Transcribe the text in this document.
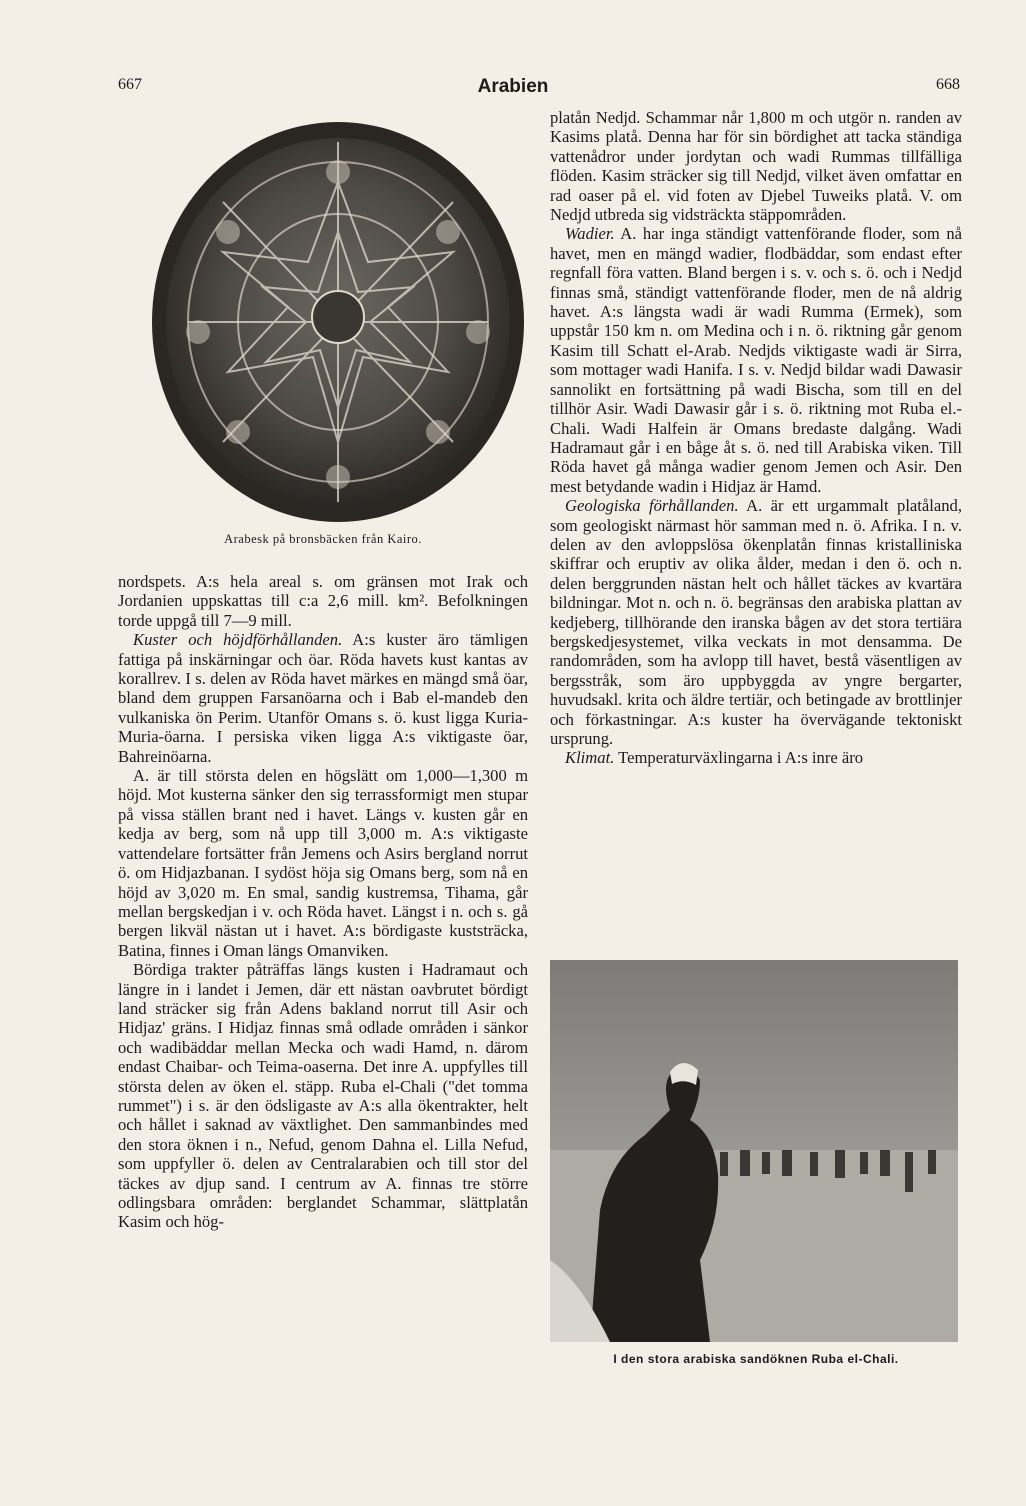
667	Arabien	668
Arabesk på bronsbäcken från Kairo.

nordspets. A:s hela areal s. om gränsen mot Irak och Jordanien uppskattas till c:a 2,6 mill. km². Befolkningen torde uppgå till 7—9 mill.

Kuster och höjdförhållanden. A:s kuster äro tämligen fattiga på inskärningar och öar. Röda havets kust kantas av korallrev. I s. delen av Röda havet märkes en mängd små öar, bland dem gruppen Farsanöarna och i Bab el-mandeb den vulkaniska ön Perim. Utanför Omans s. ö. kust ligga Kuria-Muria-öarna. I persiska viken ligga A:s viktigaste öar, Bahreinöarna.

A. är till största delen en högslätt om 1,000—1,300 m höjd. Mot kusterna sänker den sig terrassformigt men stupar på vissa ställen brant ned i havet. Längs v. kusten går en kedja av berg, som nå upp till 3,000 m. A:s viktigaste vattendelare fortsätter från Jemens och Asirs bergland norrut ö. om Hidjazbanan. I sydöst höja sig Omans berg, som nå en höjd av 3,020 m. En smal, sandig kustremsa, Tihama, går mellan bergskedjan i v. och Röda havet. Längst i n. och s. gå bergen likväl nästan ut i havet. A:s bördigaste kuststräcka, Batina, finnes i Oman längs Omanviken.

Bördiga trakter påträffas längs kusten i Hadramaut och längre in i landet i Jemen, där ett nästan oavbrutet bördigt land sträcker sig från Adens bakland norrut till Asir och Hidjaz' gräns. I Hidjaz finnas små odlade områden i sänkor och wadibäddar mellan Mecka och wadi Hamd, n. därom endast Chaibar- och Teima-oaserna. Det inre A. uppfylles till största delen av öken el. stäpp. Ruba el-Chali ("det tomma rummet") i s. är den ödsligaste av A:s alla ökentrakter, helt och hållet i saknad av växtlighet. Den sammanbindes med den stora öknen i n., Nefud, genom Dahna el. Lilla Nefud, som uppfyller ö. delen av Centralarabien och till stor del täckes av djup sand. I centrum av A. finnas tre större odlingsbara områden: berglandet Schammar, slättplatån Kasim och hög-

platån Nedjd. Schammar når 1,800 m och utgör n. randen av Kasims platå. Denna har för sin bördighet att tacka ständiga vattenådror under jordytan och wadi Rummas tillfälliga flöden. Kasim sträcker sig till Nedjd, vilket även omfattar en rad oaser på el. vid foten av Djebel Tuweiks platå. V. om Nedjd utbreda sig vidsträckta stäppområden.

Wadier. A. har inga ständigt vattenförande floder, som nå havet, men en mängd wadier, flodbäddar, som endast efter regnfall föra vatten. Bland bergen i s. v. och s. ö. och i Nedjd finnas små, ständigt vattenförande floder, men de nå aldrig havet. A:s längsta wadi är wadi Rumma (Ermek), som uppstår 150 km n. om Medina och i n. ö. riktning går genom Kasim till Schatt el-Arab. Nedjds viktigaste wadi är Sirra, som mottager wadi Hanifa. I s. v. Nedjd bildar wadi Dawasir sannolikt en fortsättning på wadi Bischa, som till en del tillhör Asir. Wadi Dawasir går i s. ö. riktning mot Ruba el.-Chali. Wadi Halfein är Omans bredaste dalgång. Wadi Hadramaut går i en båge åt s. ö. ned till Arabiska viken. Till Röda havet gå många wadier genom Jemen och Asir. Den mest betydande wadin i Hidjaz är Hamd.

Geologiska förhållanden. A. är ett urgammalt platåland, som geologiskt närmast hör samman med n. ö. Afrika. I n. v. delen av den avloppslösa ökenplatån finnas kristalliniska skiffrar och eruptiv av olika ålder, medan i den ö. och n. delen berggrunden nästan helt och hållet täckes av kvartära bildningar. Mot n. och n. ö. begränsas den arabiska plattan av kedjeberg, tillhörande den iranska bågen av det stora tertiära bergskedjesystemet, vilka veckats in mot densamma. De randområden, som ha avlopp till havet, bestå väsentligen av bergsstråk, som äro uppbyggda av yngre bergarter, huvudsakl. krita och äldre tertiär, och betingade av brottlinjer och förkastningar. A:s kuster ha övervägande tektoniskt ursprung.

Klimat. Temperaturväxlingarna i A:s inre äro

I den stora arabiska sandöknen Ruba el-Chali.
